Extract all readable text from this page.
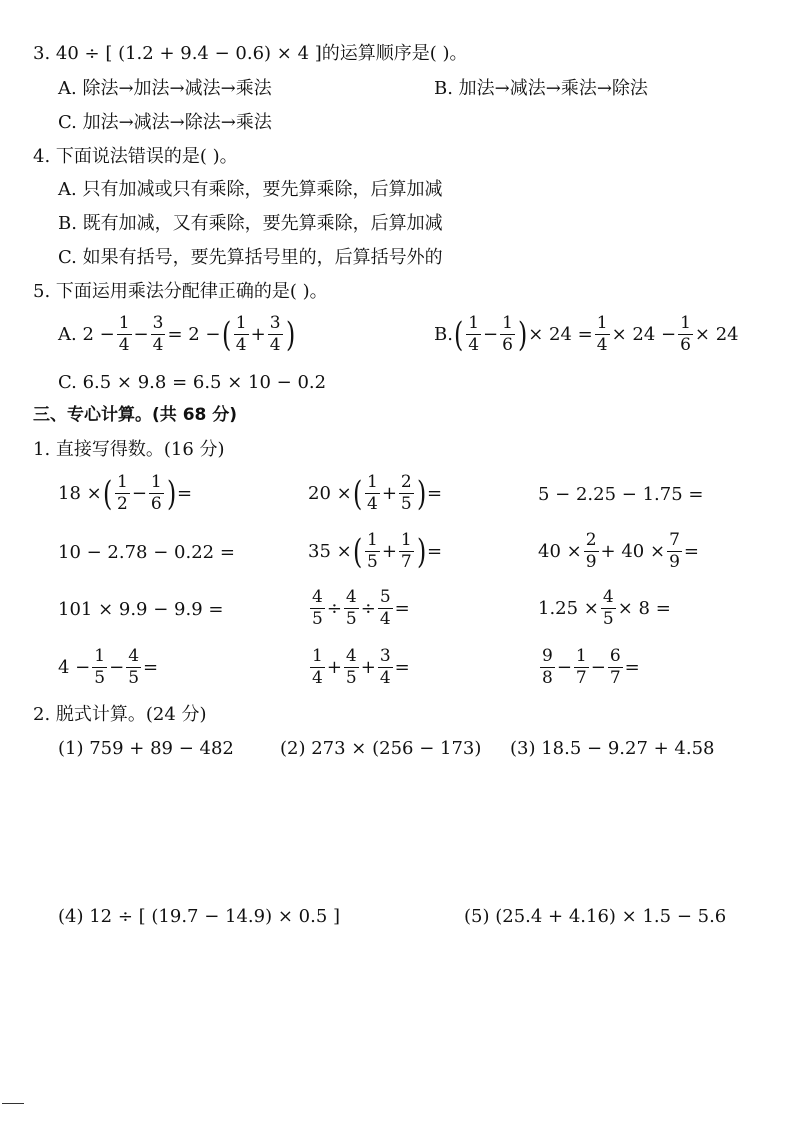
3. 40 ÷ [ (1.2 + 9.4 − 0.6) × 4 ]的运算顺序是( )。
A. 除法→加法→减法→乘法	B. 加法→减法→乘法→除法
C. 加法→减法→除法→乘法
4. 下面说法错误的是( )。
A. 只有加减或只有乘除，要先算乘除，后算加减
B. 既有加减，又有乘除，要先算乘除，后算加减
C. 如果有括号，要先算括号里的，后算括号外的
5. 下面运用乘法分配律正确的是( )。
A. $2 - \frac{1}{4} - \frac{3}{4} = 2$ − ( $\frac{1}{4} + \frac{3}{4}$ )	B. ( $\frac{1}{4} - \frac{1}{6}$ ) × $24 = \frac{1}{4} \times 24 - \frac{1}{6} \times 24$
C. 6.5 × 9.8 = 6.5 × 10 − 0.2
三、专心计算。(共 68 分)
1. 直接写得数。(16 分)
18 × ( $\frac{1}{2} - \frac{1}{6}$ ) =	20 × ( $\frac{1}{4} + \frac{2}{5}$ ) =	5 − 2.25 − 1.75 =
10 − 2.78 − 0.22 =	35 × ( $\frac{1}{5} + \frac{1}{7}$ ) =	$40 \times \frac{2}{9} + 40 \times \frac{7}{9}$ =
101 × 9.9 − 9.9 =	$\frac{4}{5} \div \frac{4}{5} \div \frac{5}{4}$ =	$1.25 \times \frac{4}{5} \times 8$ =
$4 - \frac{1}{5} - \frac{4}{5}$ =	$\frac{1}{4} + \frac{4}{5} + \frac{3}{4}$ =	$\frac{9}{8} - \frac{1}{7} - \frac{6}{7}$ =
2. 脱式计算。(24 分)
(1) 759 + 89 − 482	(2) 273 × (256 − 173) (3) 18.5 − 9.27 + 4.58
(4) 12 ÷ [ (19.7 − 14.9) × 0.5 ]	(5) (25.4 + 4.16) × 1.5 − 5.6
